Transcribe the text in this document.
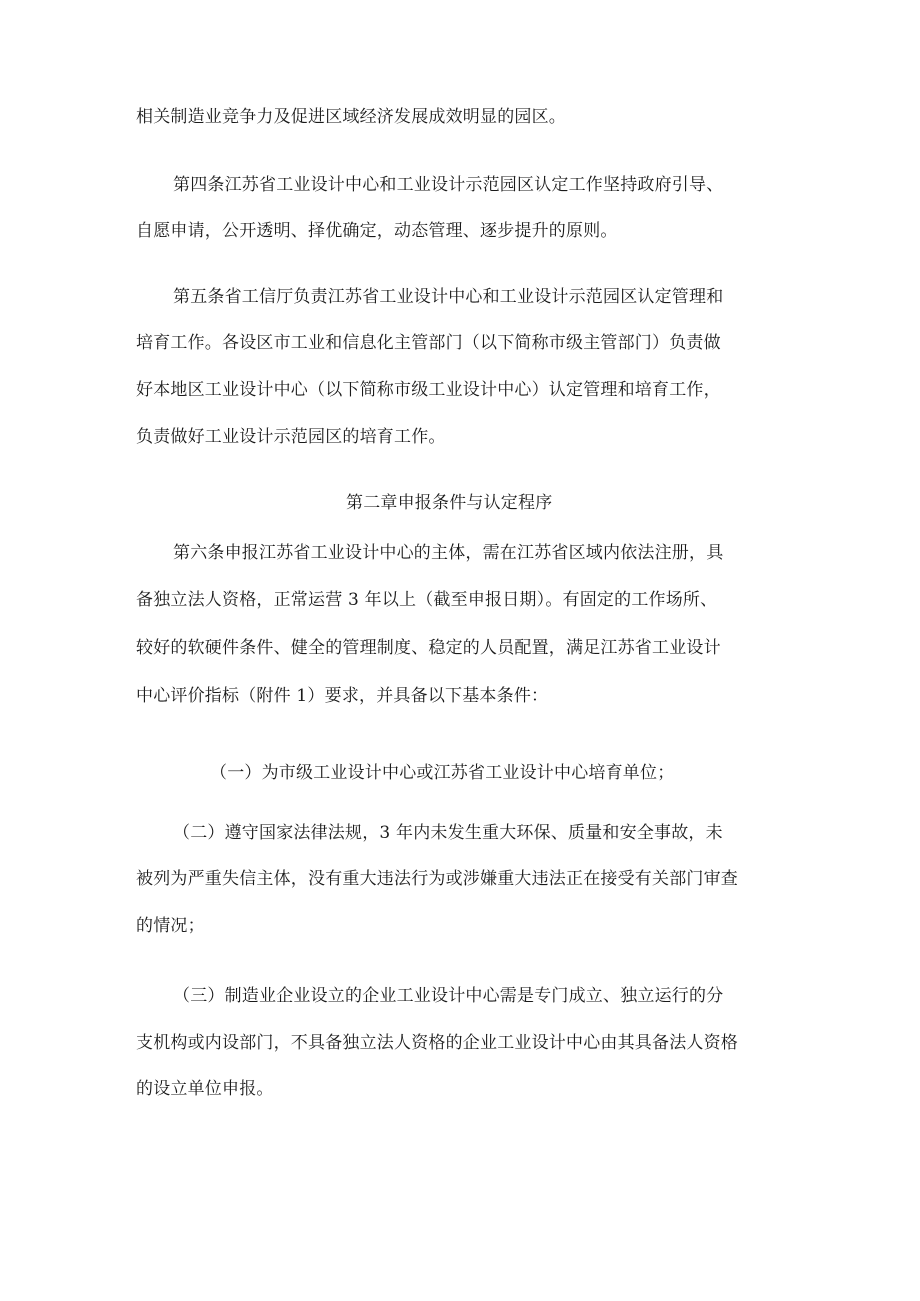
相关制造业竞争力及促进区域经济发展成效明显的园区。
第四条江苏省工业设计中心和工业设计示范园区认定工作坚持政府引导、
自愿申请，公开透明、择优确定，动态管理、逐步提升的原则。
第五条省工信厅负责江苏省工业设计中心和工业设计示范园区认定管理和
培育工作。各设区市工业和信息化主管部门（以下简称市级主管部门）负责做
好本地区工业设计中心（以下简称市级工业设计中心）认定管理和培育工作，
负责做好工业设计示范园区的培育工作。
第二章申报条件与认定程序
第六条申报江苏省工业设计中心的主体，需在江苏省区域内依法注册，具
备独立法人资格，正常运营 3 年以上（截至申报日期）。有固定的工作场所、
较好的软硬件条件、健全的管理制度、稳定的人员配置，满足江苏省工业设计
中心评价指标（附件 1）要求，并具备以下基本条件：
（一）为市级工业设计中心或江苏省工业设计中心培育单位；
（二）遵守国家法律法规，3 年内未发生重大环保、质量和安全事故，未
被列为严重失信主体，没有重大违法行为或涉嫌重大违法正在接受有关部门审查
的情况；
（三）制造业企业设立的企业工业设计中心需是专门成立、独立运行的分
支机构或内设部门，不具备独立法人资格的企业工业设计中心由其具备法人资格
的设立单位申报。
